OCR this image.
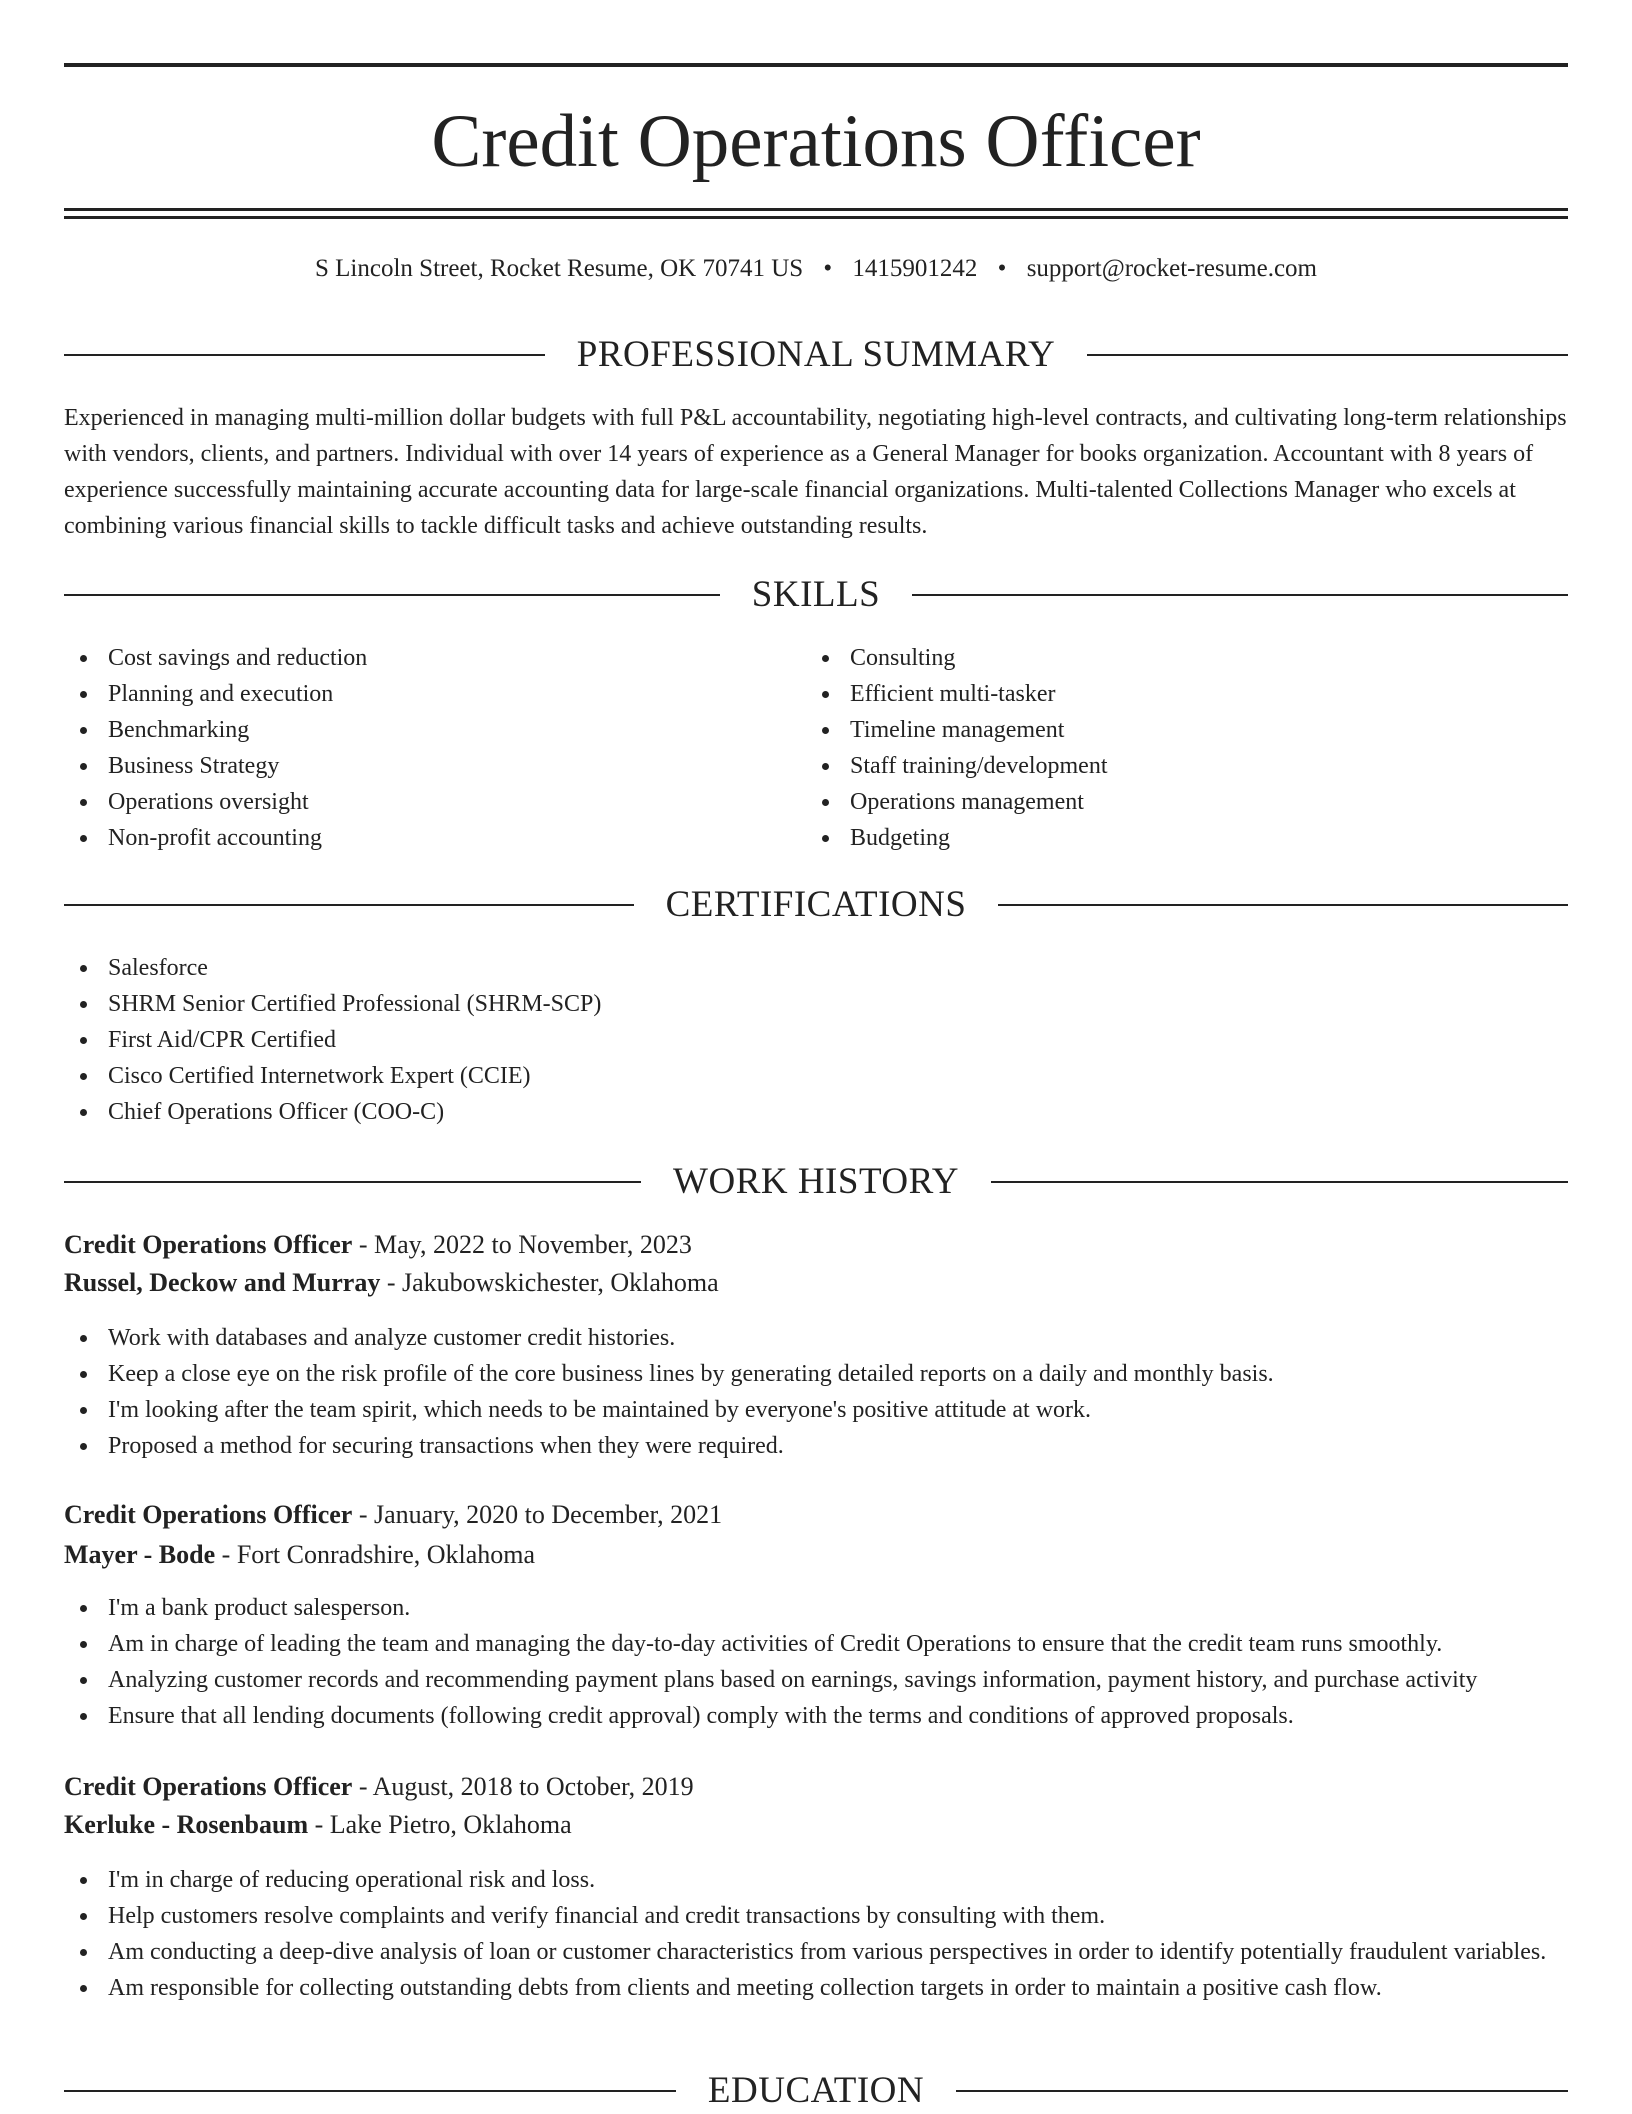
Credit Operations Officer
S Lincoln Street, Rocket Resume, OK 70741 US • 1415901242 • support@rocket-resume.com
PROFESSIONAL SUMMARY

Experienced in managing multi-million dollar budgets with full P&L accountability, negotiating high-level contracts, and cultivating long-term relationships with vendors, clients, and partners. Individual with over 14 years of experience as a General Manager for books organization. Accountant with 8 years of experience successfully maintaining accurate accounting data for large-scale financial organizations. Multi-talented Collections Manager who excels at combining various financial skills to tackle difficult tasks and achieve outstanding results.

SKILLS
Cost savings and reduction
Planning and execution
Benchmarking
Business Strategy
Operations oversight
Non-profit accounting
Consulting
Efficient multi-tasker
Timeline management
Staff training/development
Operations management
Budgeting
CERTIFICATIONS
Salesforce
SHRM Senior Certified Professional (SHRM-SCP)
First Aid/CPR Certified
Cisco Certified Internetwork Expert (CCIE)
Chief Operations Officer (COO-C)
WORK HISTORY
Credit Operations Officer - May, 2022 to November, 2023
Russel, Deckow and Murray - Jakubowskichester, Oklahoma
Work with databases and analyze customer credit histories.
Keep a close eye on the risk profile of the core business lines by generating detailed reports on a daily and monthly basis.
I'm looking after the team spirit, which needs to be maintained by everyone's positive attitude at work.
Proposed a method for securing transactions when they were required.
Credit Operations Officer - January, 2020 to December, 2021
Mayer - Bode - Fort Conradshire, Oklahoma
I'm a bank product salesperson.
Am in charge of leading the team and managing the day-to-day activities of Credit Operations to ensure that the credit team runs smoothly.
Analyzing customer records and recommending payment plans based on earnings, savings information, payment history, and purchase activity
Ensure that all lending documents (following credit approval) comply with the terms and conditions of approved proposals.
Credit Operations Officer - August, 2018 to October, 2019
Kerluke - Rosenbaum - Lake Pietro, Oklahoma
I'm in charge of reducing operational risk and loss.
Help customers resolve complaints and verify financial and credit transactions by consulting with them.
Am conducting a deep-dive analysis of loan or customer characteristics from various perspectives in order to identify potentially fraudulent variables.
Am responsible for collecting outstanding debts from clients and meeting collection targets in order to maintain a positive cash flow.
EDUCATION
